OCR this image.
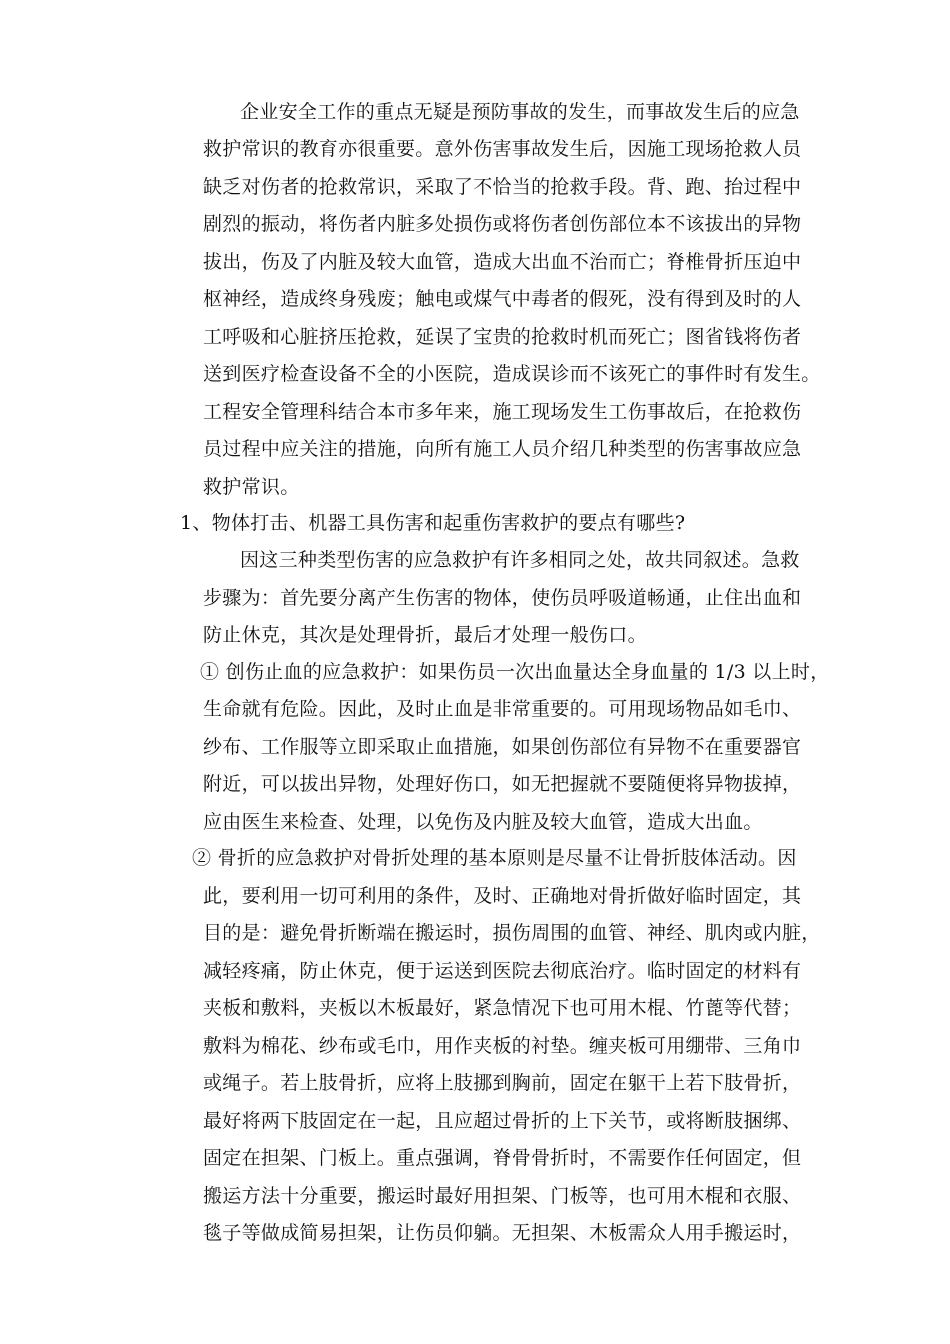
企业安全工作的重点无疑是预防事故的发生，而事故发生后的应急
救护常识的教育亦很重要。意外伤害事故发生后，因施工现场抢救人员
缺乏对伤者的抢救常识，采取了不恰当的抢救手段。背、跑、抬过程中
剧烈的振动，将伤者内脏多处损伤或将伤者创伤部位本不该拔出的异物
拔出，伤及了内脏及较大血管，造成大出血不治而亡；脊椎骨折压迫中
枢神经，造成终身残废；触电或煤气中毒者的假死，没有得到及时的人
工呼吸和心脏挤压抢救，延误了宝贵的抢救时机而死亡；图省钱将伤者
送到医疗检查设备不全的小医院，造成误诊而不该死亡的事件时有发生。
工程安全管理科结合本市多年来，施工现场发生工伤事故后，在抢救伤
员过程中应关注的措施，向所有施工人员介绍几种类型的伤害事故应急
救护常识。
1、物体打击、机器工具伤害和起重伤害救护的要点有哪些?
因这三种类型伤害的应急救护有许多相同之处，故共同叙述。急救
步骤为：首先要分离产生伤害的物体，使伤员呼吸道畅通，止住出血和
防止休克，其次是处理骨折，最后才处理一般伤口。
① 创伤止血的应急救护：如果伤员一次出血量达全身血量的 1/3 以上时，
生命就有危险。因此，及时止血是非常重要的。可用现场物品如毛巾、
纱布、工作服等立即采取止血措施，如果创伤部位有异物不在重要器官
附近，可以拔出异物，处理好伤口，如无把握就不要随便将异物拔掉，
应由医生来检查、处理，以免伤及内脏及较大血管，造成大出血。
② 骨折的应急救护对骨折处理的基本原则是尽量不让骨折肢体活动。因
此，要利用一切可利用的条件，及时、正确地对骨折做好临时固定，其
目的是：避免骨折断端在搬运时，损伤周围的血管、神经、肌肉或内脏，
减轻疼痛，防止休克，便于运送到医院去彻底治疗。临时固定的材料有
夹板和敷料，夹板以木板最好，紧急情况下也可用木棍、竹蓖等代替；
敷料为棉花、纱布或毛巾，用作夹板的衬垫。缠夹板可用绷带、三角巾
或绳子。若上肢骨折，应将上肢挪到胸前，固定在躯干上若下肢骨折，
最好将两下肢固定在一起，且应超过骨折的上下关节，或将断肢捆绑、
固定在担架、门板上。重点强调，脊骨骨折时，不需要作任何固定，但
搬运方法十分重要，搬运时最好用担架、门板等，也可用木棍和衣服、
毯子等做成简易担架，让伤员仰躺。无担架、木板需众人用手搬运时，
